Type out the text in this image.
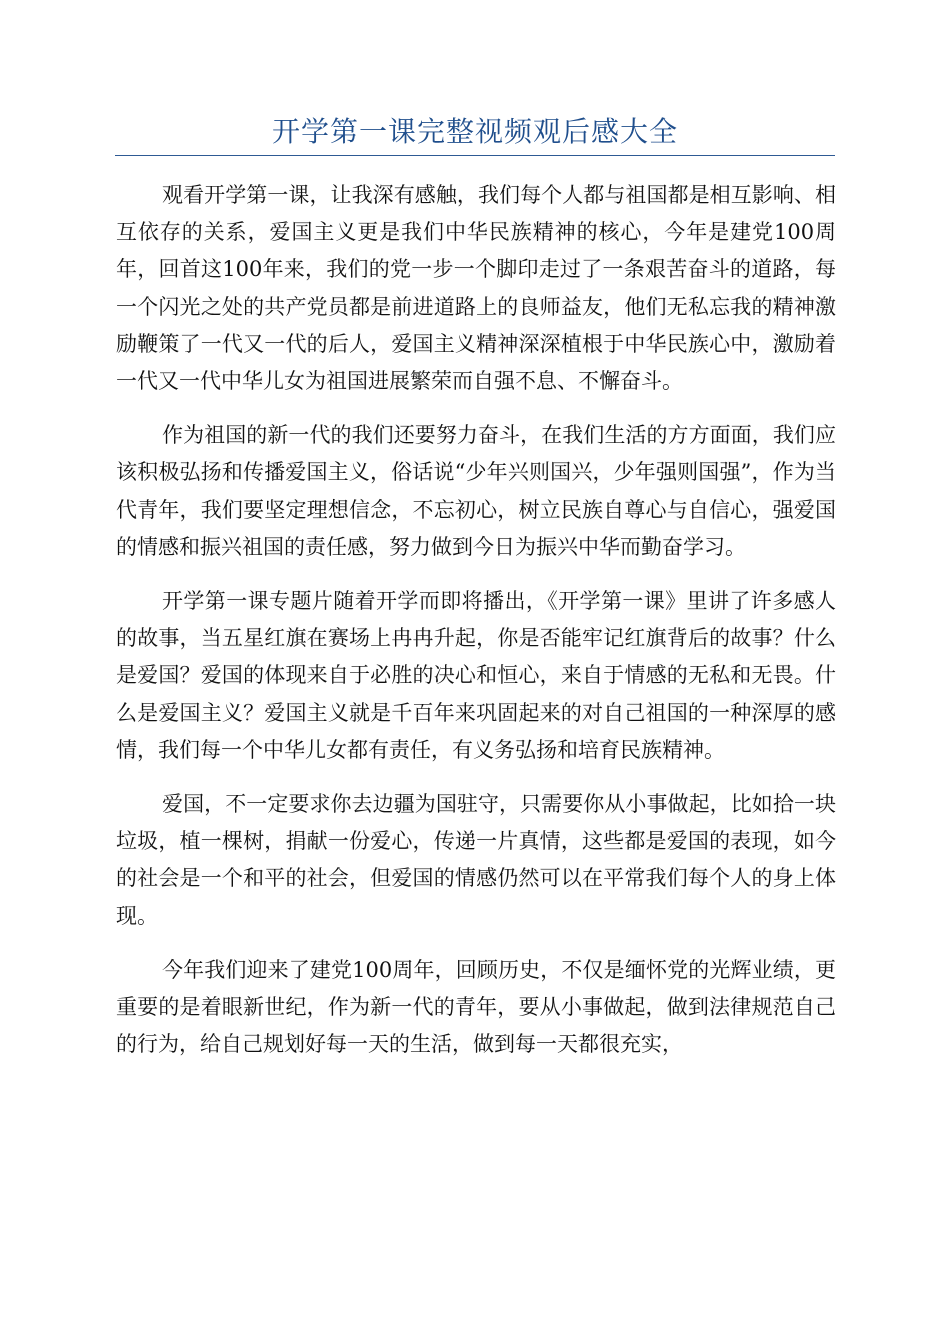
开学第一课完整视频观后感大全

观看开学第一课，让我深有感触，我们每个人都与祖国都是相互影响、相互依存的关系，爱国主义更是我们中华民族精神的核心，今年是建党100周年，回首这100年来，我们的党一步一个脚印走过了一条艰苦奋斗的道路，每一个闪光之处的共产党员都是前进道路上的良师益友，他们无私忘我的精神激励鞭策了一代又一代的后人，爱国主义精神深深植根于中华民族心中，激励着一代又一代中华儿女为祖国进展繁荣而自强不息、不懈奋斗。

作为祖国的新一代的我们还要努力奋斗，在我们生活的方方面面，我们应该积极弘扬和传播爱国主义，俗话说“少年兴则国兴，少年强则国强”，作为当代青年，我们要坚定理想信念，不忘初心，树立民族自尊心与自信心，强爱国的情感和振兴祖国的责任感，努力做到今日为振兴中华而勤奋学习。

开学第一课专题片随着开学而即将播出，《开学第一课》里讲了许多感人的故事，当五星红旗在赛场上冉冉升起，你是否能牢记红旗背后的故事？什么是爱国？爱国的体现来自于必胜的决心和恒心，来自于情感的无私和无畏。什么是爱国主义？爱国主义就是千百年来巩固起来的对自己祖国的一种深厚的感情，我们每一个中华儿女都有责任，有义务弘扬和培育民族精神。

爱国，不一定要求你去边疆为国驻守，只需要你从小事做起，比如拾一块垃圾，植一棵树，捐献一份爱心，传递一片真情，这些都是爱国的表现，如今的社会是一个和平的社会，但爱国的情感仍然可以在平常我们每个人的身上体现。

今年我们迎来了建党100周年，回顾历史，不仅是缅怀党的光辉业绩，更重要的是着眼新世纪，作为新一代的青年，要从小事做起，做到法律规范自己的行为，给自己规划好每一天的生活，做到每一天都很充实，
